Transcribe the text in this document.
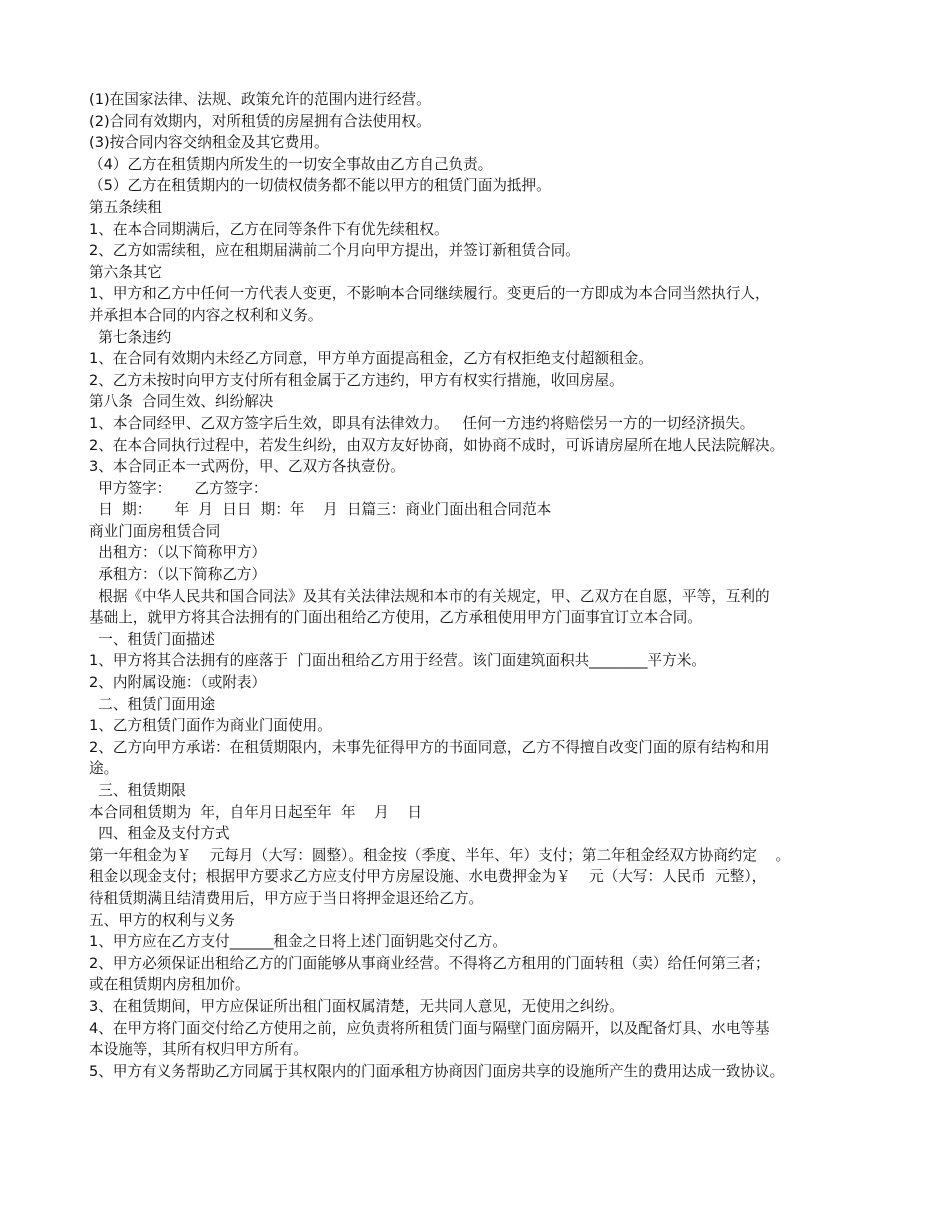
(1)在国家法律、法规、政策允许的范围内进行经营。
(2)合同有效期内，对所租赁的房屋拥有合法使用权。
(3)按合同内容交纳租金及其它费用。
（4）乙方在租赁期内所发生的一切安全事故由乙方自己负责。
（5）乙方在租赁期内的一切债权债务都不能以甲方的租赁门面为抵押。
第五条续租
1、在本合同期满后，乙方在同等条件下有优先续租权。
2、乙方如需续租，应在租期届满前二个月向甲方提出，并签订新租赁合同。
第六条其它
1、甲方和乙方中任何一方代表人变更，不影响本合同继续履行。变更后的一方即成为本合同当然执行人，
并承担本合同的内容之权利和义务。
第七条违约
1、在合同有效期内未经乙方同意，甲方单方面提高租金，乙方有权拒绝支付超额租金。
2、乙方未按时向甲方支付所有租金属于乙方违约，甲方有权实行措施，收回房屋。
第八条  合同生效、纠纷解决
1、本合同经甲、乙双方签字后生效，即具有法律效力。   任何一方违约将赔偿另一方的一切经济损失。
2、在本合同执行过程中，若发生纠纷，由双方友好协商，如协商不成时，可诉请房屋所在地人民法院解决。
3、本合同正本一式两份，甲、乙双方各执壹份。
甲方签字：     乙方签字：
日  期：     年  月  日日  期：年    月  日篇三：商业门面出租合同范本
商业门面房租赁合同
出租方：（以下简称甲方）
承租方：（以下简称乙方）
根据《中华人民共和国合同法》及其有关法律法规和本市的有关规定，甲、乙双方在自愿，平等，互利的
基础上，就甲方将其合法拥有的门面出租给乙方使用，乙方承租使用甲方门面事宜订立本合同。
一、租赁门面描述
1、甲方将其合法拥有的座落于  门面出租给乙方用于经营。该门面建筑面积共________平方米。
2、内附属设施：（或附表）
二、租赁门面用途
1、乙方租赁门面作为商业门面使用。
2、乙方向甲方承诺：在租赁期限内，未事先征得甲方的书面同意，乙方不得擅自改变门面的原有结构和用
途。
三、租赁期限
本合同租赁期为  年，自年月日起至年  年    月    日
四、租金及支付方式
第一年租金为￥    元每月（大写：圆整）。租金按（季度、半年、年）支付；第二年租金经双方协商约定    。
租金以现金支付；根据甲方要求乙方应支付甲方房屋设施、水电费押金为￥    元（大写：人民币  元整），
待租赁期满且结清费用后，甲方应于当日将押金退还给乙方。
五、甲方的权利与义务
1、甲方应在乙方支付______租金之日将上述门面钥匙交付乙方。
2、甲方必须保证出租给乙方的门面能够从事商业经营。不得将乙方租用的门面转租（卖）给任何第三者；
或在租赁期内房租加价。
3、在租赁期间，甲方应保证所出租门面权属清楚，无共同人意见，无使用之纠纷。
4、在甲方将门面交付给乙方使用之前，应负责将所租赁门面与隔壁门面房隔开，以及配备灯具、水电等基
本设施等，其所有权归甲方所有。
5、甲方有义务帮助乙方同属于其权限内的门面承租方协商因门面房共享的设施所产生的费用达成一致协议。
